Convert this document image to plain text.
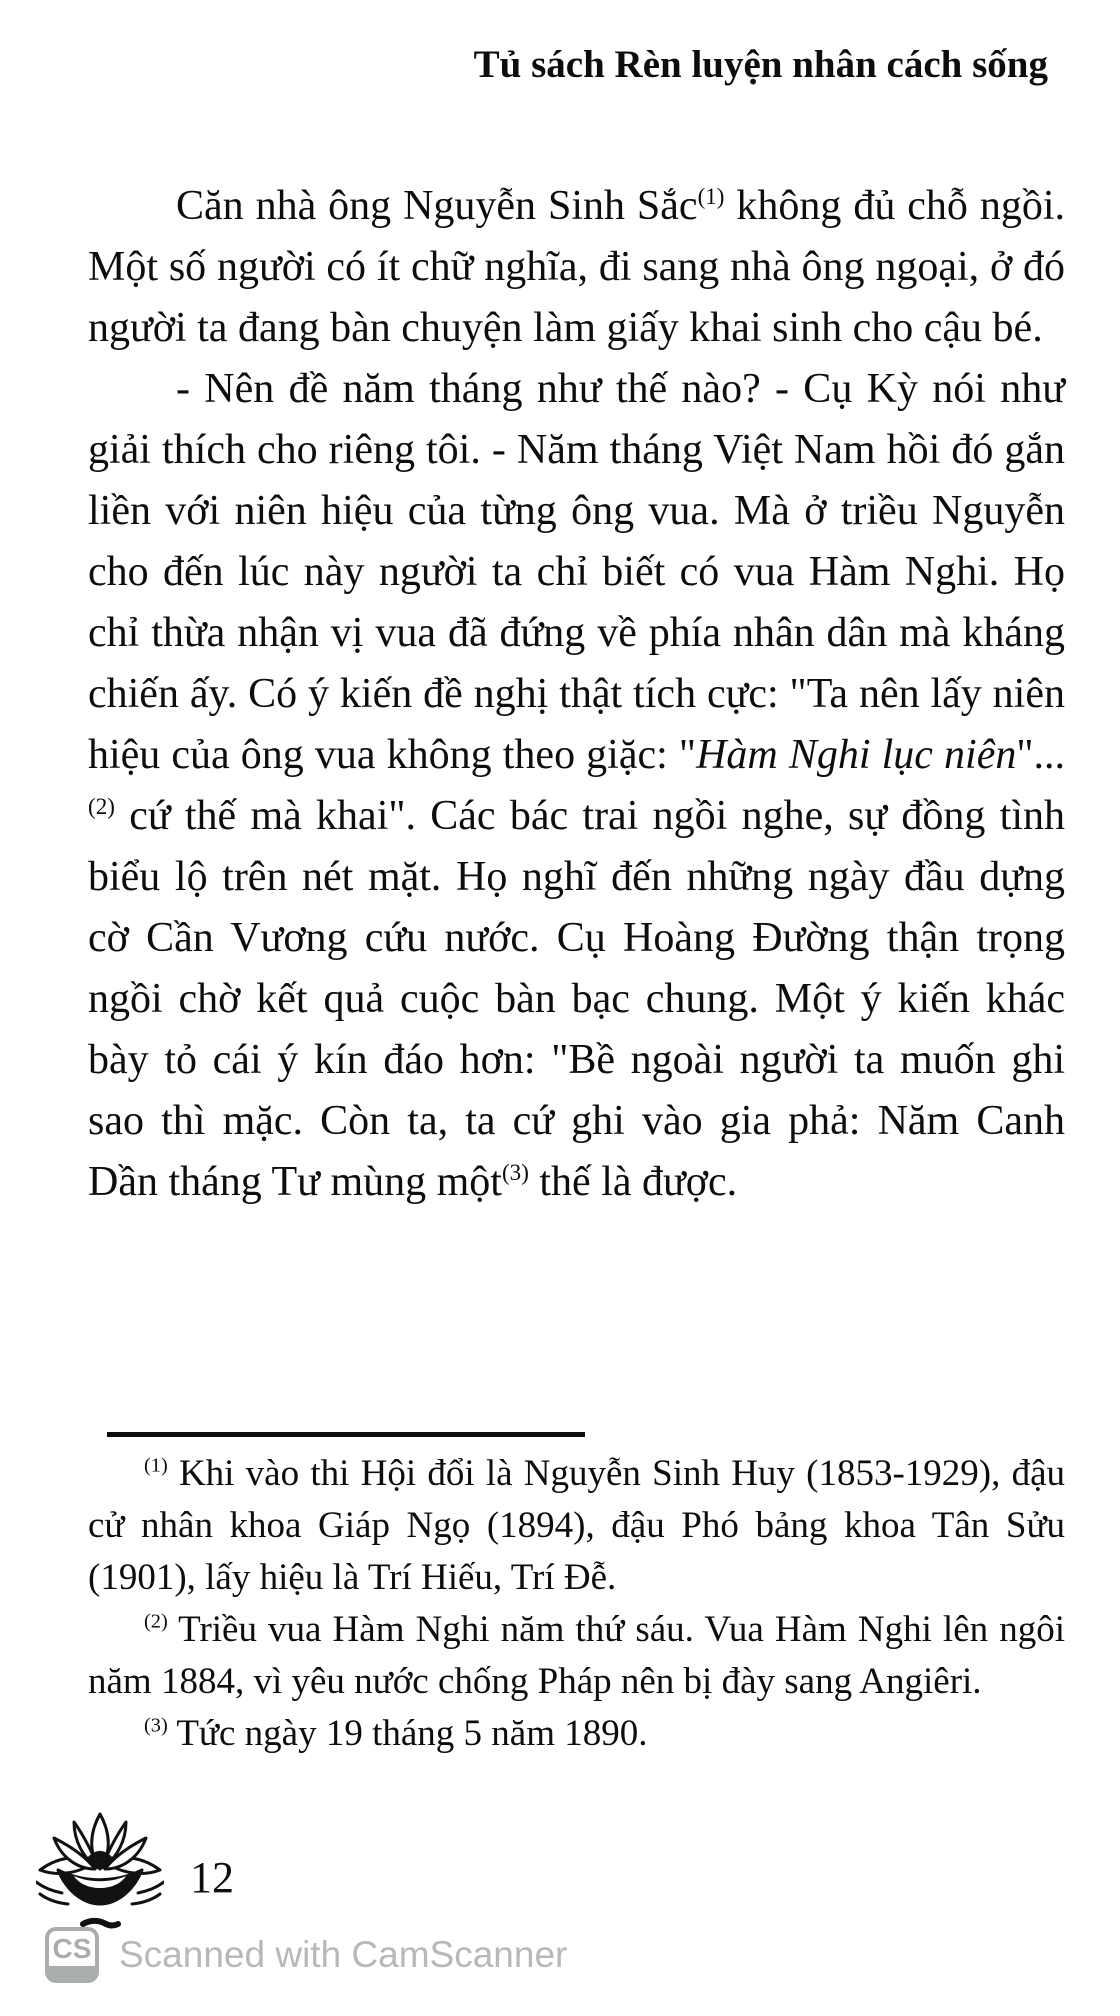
Tủ sách Rèn luyện nhân cách sống

Căn nhà ông Nguyễn Sinh Sắc$^{(1)}$ không đủ chỗ ngồi. Một số người có ít chữ nghĩa, đi sang nhà ông ngoại, ở đó người ta đang bàn chuyện làm giấy khai sinh cho cậu bé.

- Nên đề năm tháng như thế nào? - Cụ Kỳ nói như giải thích cho riêng tôi. - Năm tháng Việt Nam hồi đó gắn liền với niên hiệu của từng ông vua. Mà ở triều Nguyễn cho đến lúc này người ta chỉ biết có vua Hàm Nghi. Họ chỉ thừa nhận vị vua đã đứng về phía nhân dân mà kháng chiến ấy. Có ý kiến đề nghị thật tích cực: "Ta nên lấy niên hiệu của ông vua không theo giặc: "Hàm Nghi lục niên"...$^{(2)}$ cứ thế mà khai". Các bác trai ngồi nghe, sự đồng tình biểu lộ trên nét mặt. Họ nghĩ đến những ngày đầu dựng cờ Cần Vương cứu nước. Cụ Hoàng Đường thận trọng ngồi chờ kết quả cuộc bàn bạc chung. Một ý kiến khác bày tỏ cái ý kín đáo hơn: "Bề ngoài người ta muốn ghi sao thì mặc. Còn ta, ta cứ ghi vào gia phả: Năm Canh Dần tháng Tư mùng một$^{(3)}$ thế là được.

$^{(1)}$ Khi vào thi Hội đổi là Nguyễn Sinh Huy (1853-1929), đậu cử nhân khoa Giáp Ngọ (1894), đậu Phó bảng khoa Tân Sửu (1901), lấy hiệu là Trí Hiếu, Trí Đễ.

$^{(2)}$ Triều vua Hàm Nghi năm thứ sáu. Vua Hàm Nghi lên ngôi năm 1884, vì yêu nước chống Pháp nên bị đày sang Angiêri.

$^{(3)}$ Tức ngày 19 tháng 5 năm 1890.

12
CS Scanned with CamScanner
